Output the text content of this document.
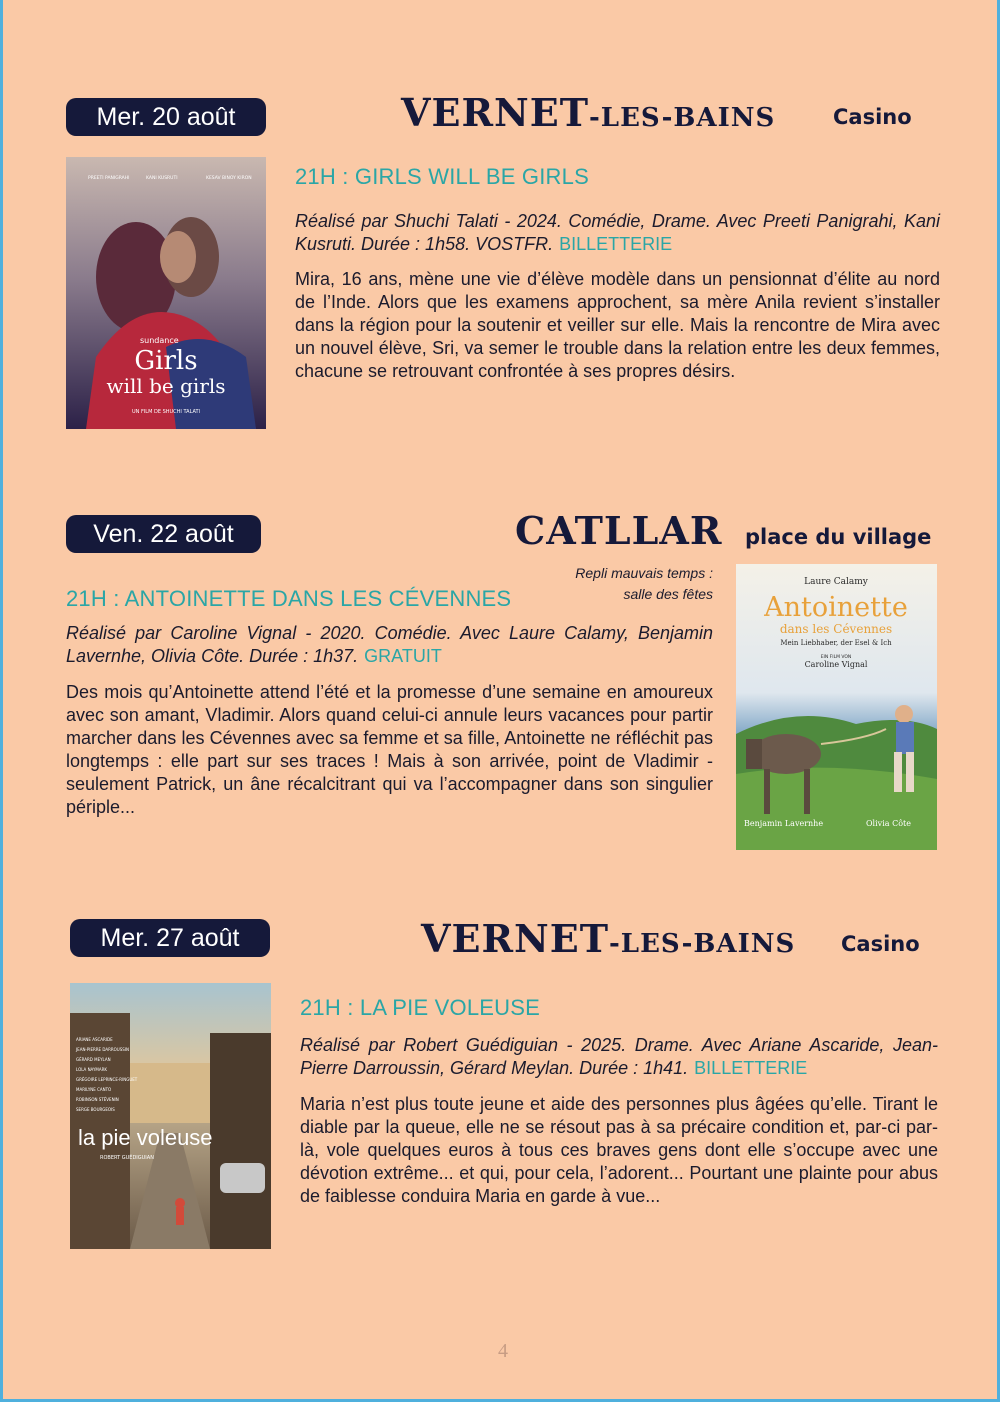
Mer. 20 août	VERNET-LES-BAINS	Casino
PREETI PANIGRAHI	KANI KUSRUTI	KESAV BINOY KIRON
sundance
Girls
will be girls
UN FILM DE SHUCHI TALATI
21H : GIRLS WILL BE GIRLS
Réalisé par Shuchi Talati - 2024. Comédie, Drame. Avec Preeti Panigrahi, Kani Kusruti. Durée : 1h58. VOSTFR. BILLETTERIE
Mira, 16 ans, mène une vie d’élève modèle dans un pensionnat d’élite au nord de l’Inde. Alors que les examens approchent, sa mère Anila revient s’installer dans la région pour la soutenir et veiller sur elle. Mais la rencontre de Mira avec un nouvel élève, Sri, va semer le trouble dans la relation entre les deux femmes, chacune se retrouvant confrontée à ses propres désirs.
Ven. 22 août	CATLLAR place du village
Repli mauvais temps :
salle des fêtes
21H : ANTOINETTE DANS LES CÉVENNES
Réalisé par Caroline Vignal - 2020. Comédie. Avec Laure Calamy, Benjamin Lavernhe, Olivia Côte. Durée : 1h37. GRATUIT
Des mois qu’Antoinette attend l’été et la promesse d’une semaine en amoureux avec son amant, Vladimir. Alors quand celui-ci annule leurs vacances pour partir marcher dans les Cévennes avec sa femme et sa fille, Antoinette ne réfléchit pas longtemps : elle part sur ses traces ! Mais à son arrivée, point de Vladimir - seulement Patrick, un âne récalcitrant qui va l’accompagner dans son singulier périple...
Laure Calamy
Antoinette
dans les Cévennes
Mein Liebhaber, der Esel & Ich
EIN FILM VON
Caroline Vignal
Benjamin Lavernhe	Olivia Côte
Mer. 27 août	VERNET-LES-BAINS Casino
ARIANE ASCARIDE
JEAN-PIERRE DARROUSSIN
GÉRARD MEYLAN
LOLA NAYMARK
GRÉGOIRE LEPRINCE-RINGUET
MARILYNE CANTO
ROBINSON STÉVENIN
SERGE BOURGEOIS
la pie voleuse
ROBERT GUÉDIGUIAN
21H : LA PIE VOLEUSE
Réalisé par Robert Guédiguian - 2025. Drame. Avec Ariane Ascaride, Jean-Pierre Darroussin, Gérard Meylan. Durée : 1h41. BILLETTERIE
Maria n’est plus toute jeune et aide des personnes plus âgées qu’elle. Tirant le diable par la queue, elle ne se résout pas à sa précaire condition et, par-ci par-là, vole quelques euros à tous ces braves gens dont elle s’occupe avec une dévotion extrême... et qui, pour cela, l’adorent... Pourtant une plainte pour abus de faiblesse conduira Maria en garde à vue...
4
